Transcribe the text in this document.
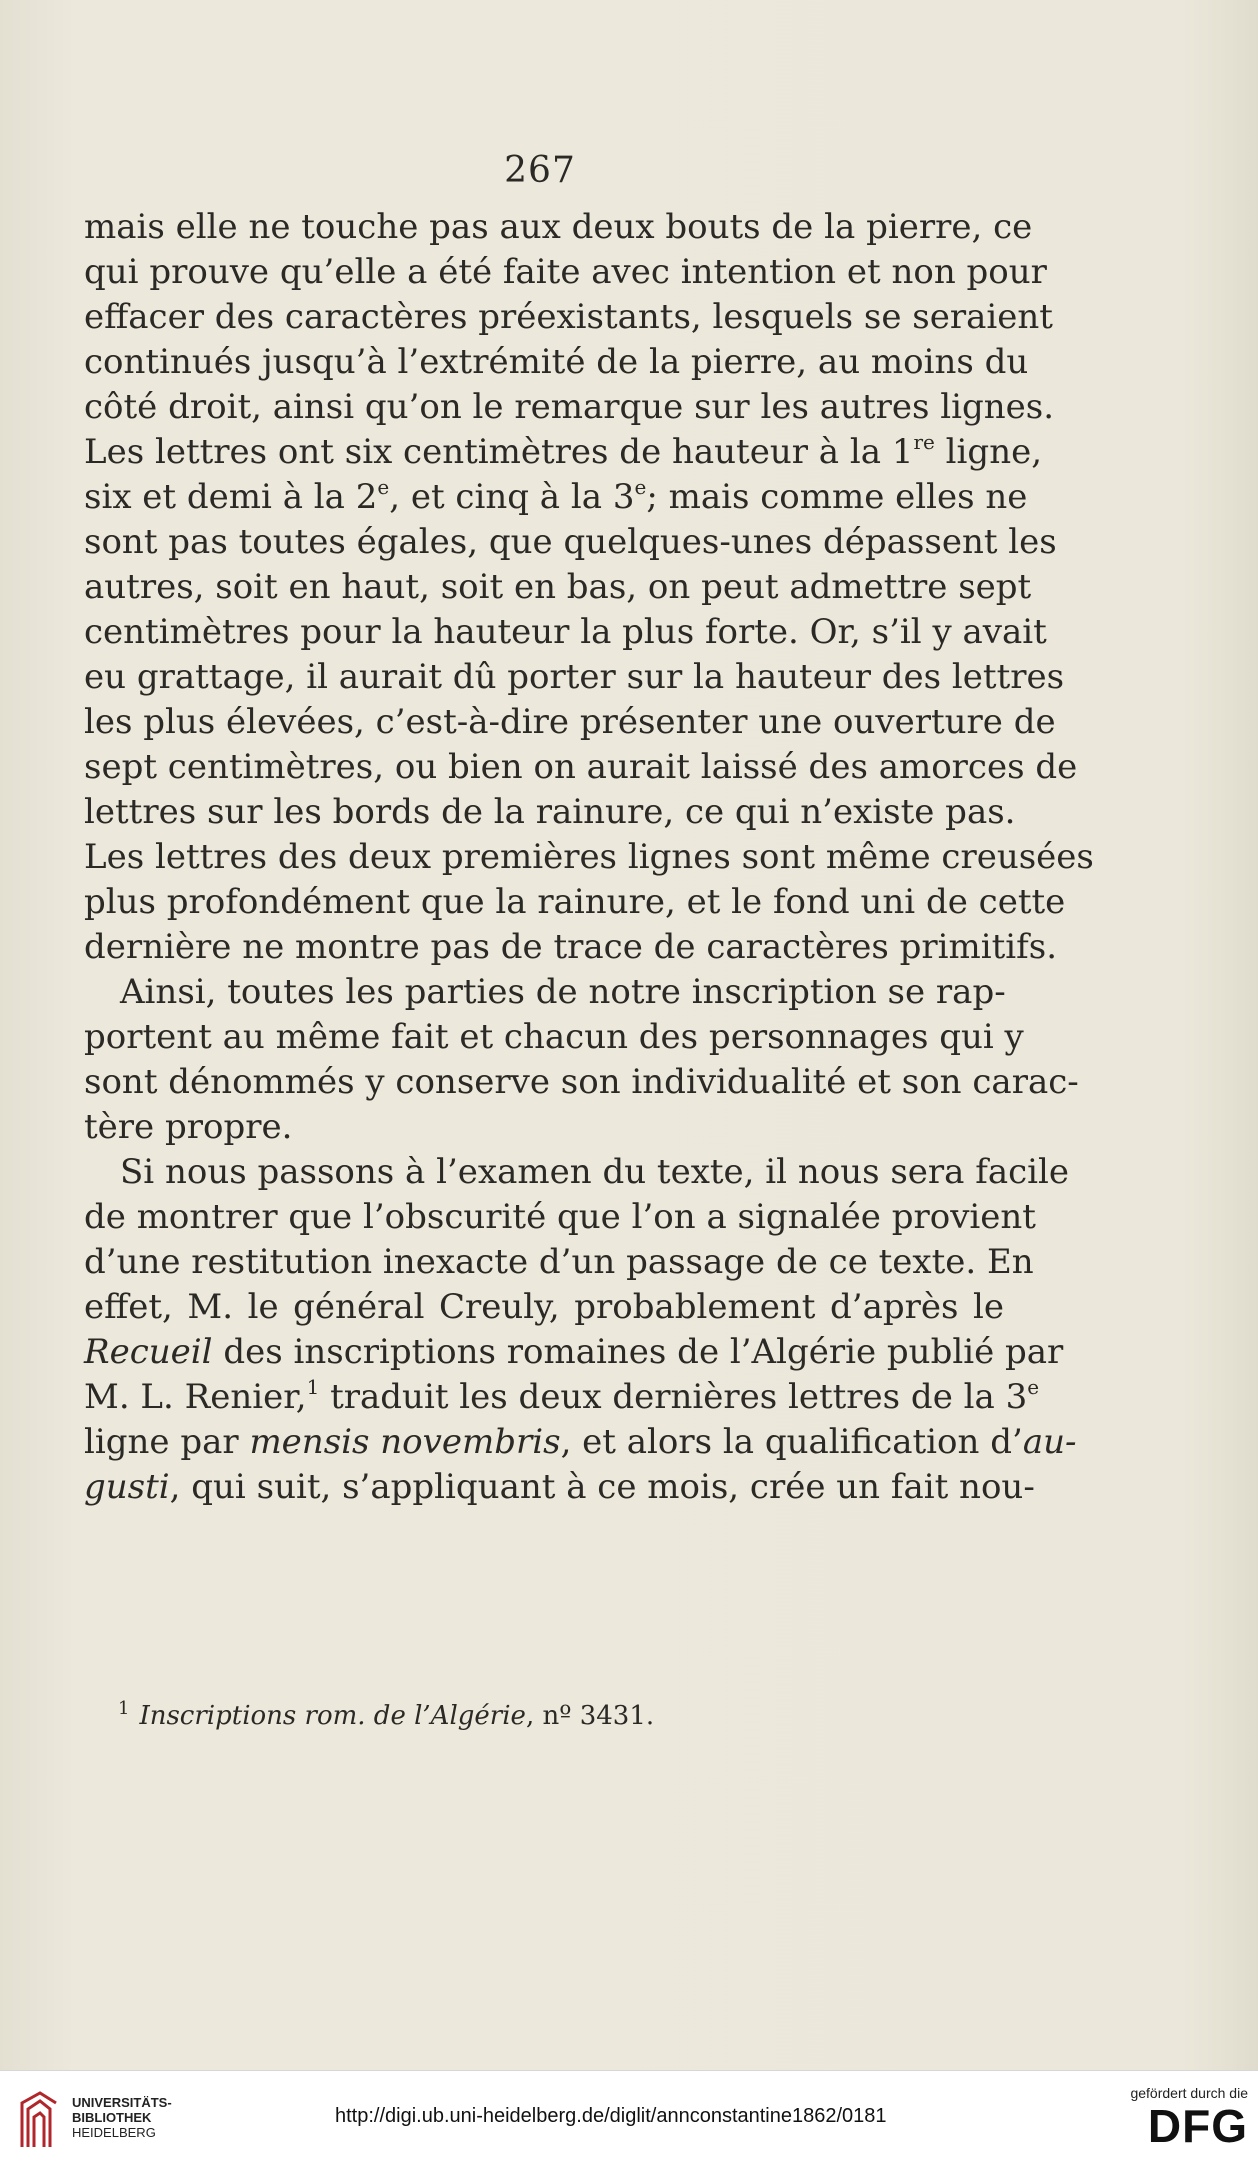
267
mais elle ne touche pas aux deux bouts de la pierre, ce
qui prouve qu’elle a été faite avec intention et non pour
effacer des caractères préexistants, lesquels se seraient
continués jusqu’à l’extrémité de la pierre, au moins du
côté droit, ainsi qu’on le remarque sur les autres lignes.
Les lettres ont six centimètres de hauteur à la 1re ligne,
six et demi à la 2e, et cinq à la 3e; mais comme elles ne
sont pas toutes égales, que quelques-unes dépassent les
autres, soit en haut, soit en bas, on peut admettre sept
centimètres pour la hauteur la plus forte. Or, s’il y avait
eu grattage, il aurait dû porter sur la hauteur des lettres
les plus élevées, c’est-à-dire présenter une ouverture de
sept centimètres, ou bien on aurait laissé des amorces de
lettres sur les bords de la rainure, ce qui n’existe pas.
Les lettres des deux premières lignes sont même creusées
plus profondément que la rainure, et le fond uni de cette
dernière ne montre pas de trace de caractères primitifs.
Ainsi, toutes les parties de notre inscription se rap-
portent au même fait et chacun des personnages qui y
sont dénommés y conserve son individualité et son carac-
tère propre.
Si nous passons à l’examen du texte, il nous sera facile
de montrer que l’obscurité que l’on a signalée provient
d’une restitution inexacte d’un passage de ce texte. En
effet, M. le général Creuly, probablement d’après le
Recueil des inscriptions romaines de l’Algérie publié par
M. L. Renier,$^1$ traduit les deux dernières lettres de la 3e
ligne par mensis novembris, et alors la qualification d’au-
gusti, qui suit, s’appliquant à ce mois, crée un fait nou-
$^1$ Inscriptions rom. de l’Algérie, nº 3431.
UNIVERSITÄTS-
BIBLIOTHEK
HEIDELBERG
http://digi.ub.uni-heidelberg.de/diglit/annconstantine1862/0181
gefördert durch die
DFG
